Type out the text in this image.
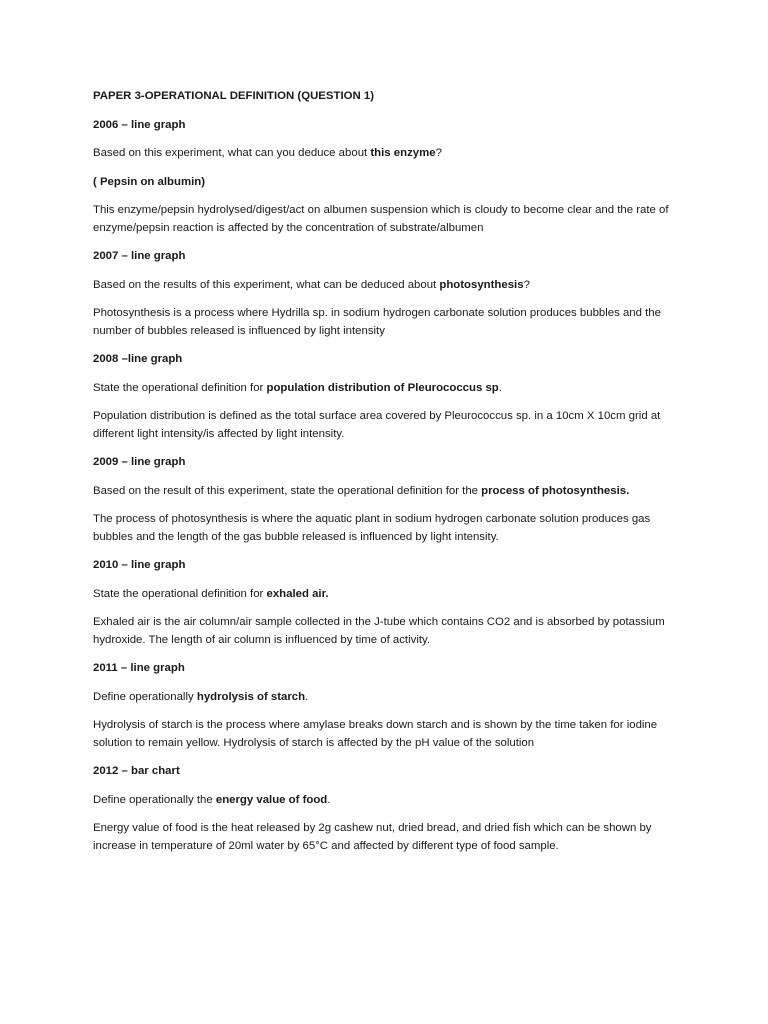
PAPER 3-OPERATIONAL DEFINITION (QUESTION 1)

2006 – line graph

Based on this experiment, what can you deduce about this enzyme?

( Pepsin on albumin)

This enzyme/pepsin hydrolysed/digest/act on albumen suspension which is cloudy to become clear and the rate of enzyme/pepsin reaction is affected by the concentration of substrate/albumen

2007 – line graph

Based on the results of this experiment, what can be deduced about photosynthesis?

Photosynthesis is a process where Hydrilla sp. in sodium hydrogen carbonate solution produces bubbles and the number of bubbles released is influenced by light intensity

2008 –line graph

State the operational definition for population distribution of Pleurococcus sp.

Population distribution is defined as the total surface area covered by Pleurococcus sp. in a 10cm X 10cm grid at different light intensity/is affected by light intensity.

2009 – line graph

Based on the result of this experiment, state the operational definition for the process of photosynthesis.

The process of photosynthesis is where the aquatic plant in sodium hydrogen carbonate solution produces gas bubbles and the length of the gas bubble released is influenced by light intensity.

2010 – line graph

State the operational definition for exhaled air.

Exhaled air is the air column/air sample collected in the J-tube which contains CO2 and is absorbed by potassium hydroxide. The length of air column is influenced by time of activity.

2011 – line graph

Define operationally hydrolysis of starch.

Hydrolysis of starch is the process where amylase breaks down starch and is shown by the time taken for iodine solution to remain yellow. Hydrolysis of starch is affected by the pH value of the solution

2012 – bar chart

Define operationally the energy value of food.

Energy value of food is the heat released by 2g cashew nut, dried bread, and dried fish which can be shown by increase in temperature of 20ml water by 65°C and affected by different type of food sample.
